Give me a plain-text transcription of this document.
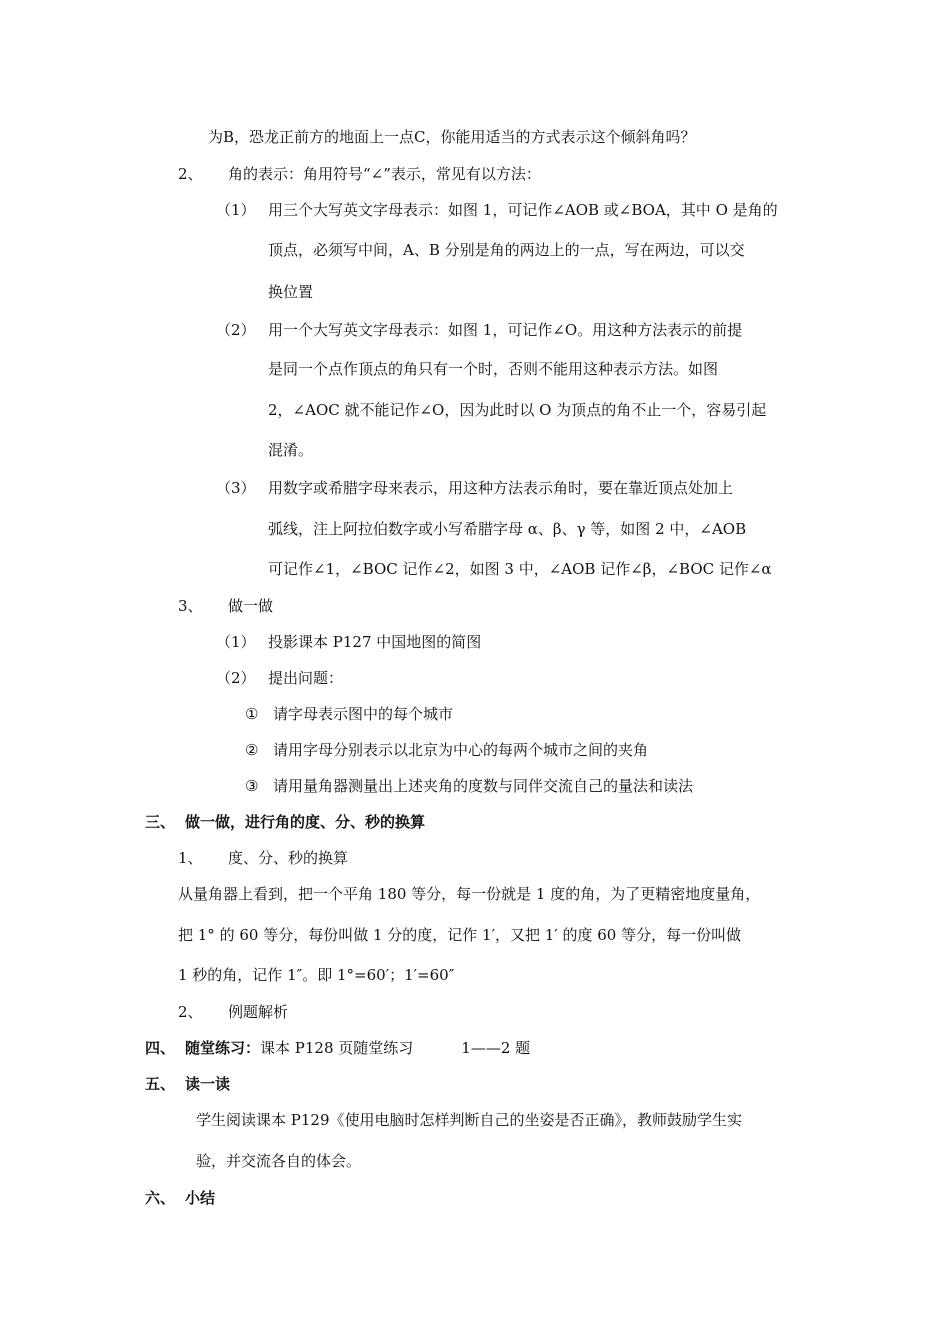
为B，恐龙正前方的地面上一点C，你能用适当的方式表示这个倾斜角吗？
2、 角的表示：角用符号“∠”表示，常见有以方法：
（1） 用三个大写英文字母表示：如图 1，可记作∠AOB 或∠BOA，其中 O 是角的
顶点，必须写中间，A、B 分别是角的两边上的一点，写在两边，可以交
换位置
（2） 用一个大写英文字母表示：如图 1，可记作∠O。用这种方法表示的前提
是同一个点作顶点的角只有一个时，否则不能用这种表示方法。如图
2，∠AOC 就不能记作∠O，因为此时以 O 为顶点的角不止一个，容易引起
混淆。
（3） 用数字或希腊字母来表示，用这种方法表示角时，要在靠近顶点处加上
弧线，注上阿拉伯数字或小写希腊字母 α、β、γ 等，如图 2 中，∠AOB
可记作∠1，∠BOC 记作∠2，如图 3 中，∠AOB 记作∠β，∠BOC 记作∠α
3、 做一做
（1） 投影课本 P127 中国地图的简图
（2） 提出问题：
① 请字母表示图中的每个城市
② 请用字母分别表示以北京为中心的每两个城市之间的夹角
③ 请用量角器测量出上述夹角的度数与同伴交流自己的量法和读法
三、 做一做，进行角的度、分、秒的换算
1、 度、分、秒的换算
从量角器上看到，把一个平角 180 等分，每一份就是 1 度的角，为了更精密地度量角，
把 1° 的 60 等分，每份叫做 1 分的度，记作 1′，又把 1′ 的度 60 等分，每一份叫做
1 秒的角，记作 1″。即 1°=60′；1′=60″
2、 例题解析
四、 随堂练习：课本 P128 页随堂练习	1——2 题
五、 读一读
学生阅读课本 P129《使用电脑时怎样判断自己的坐姿是否正确》，教师鼓励学生实
验，并交流各自的体会。
六、 小结
